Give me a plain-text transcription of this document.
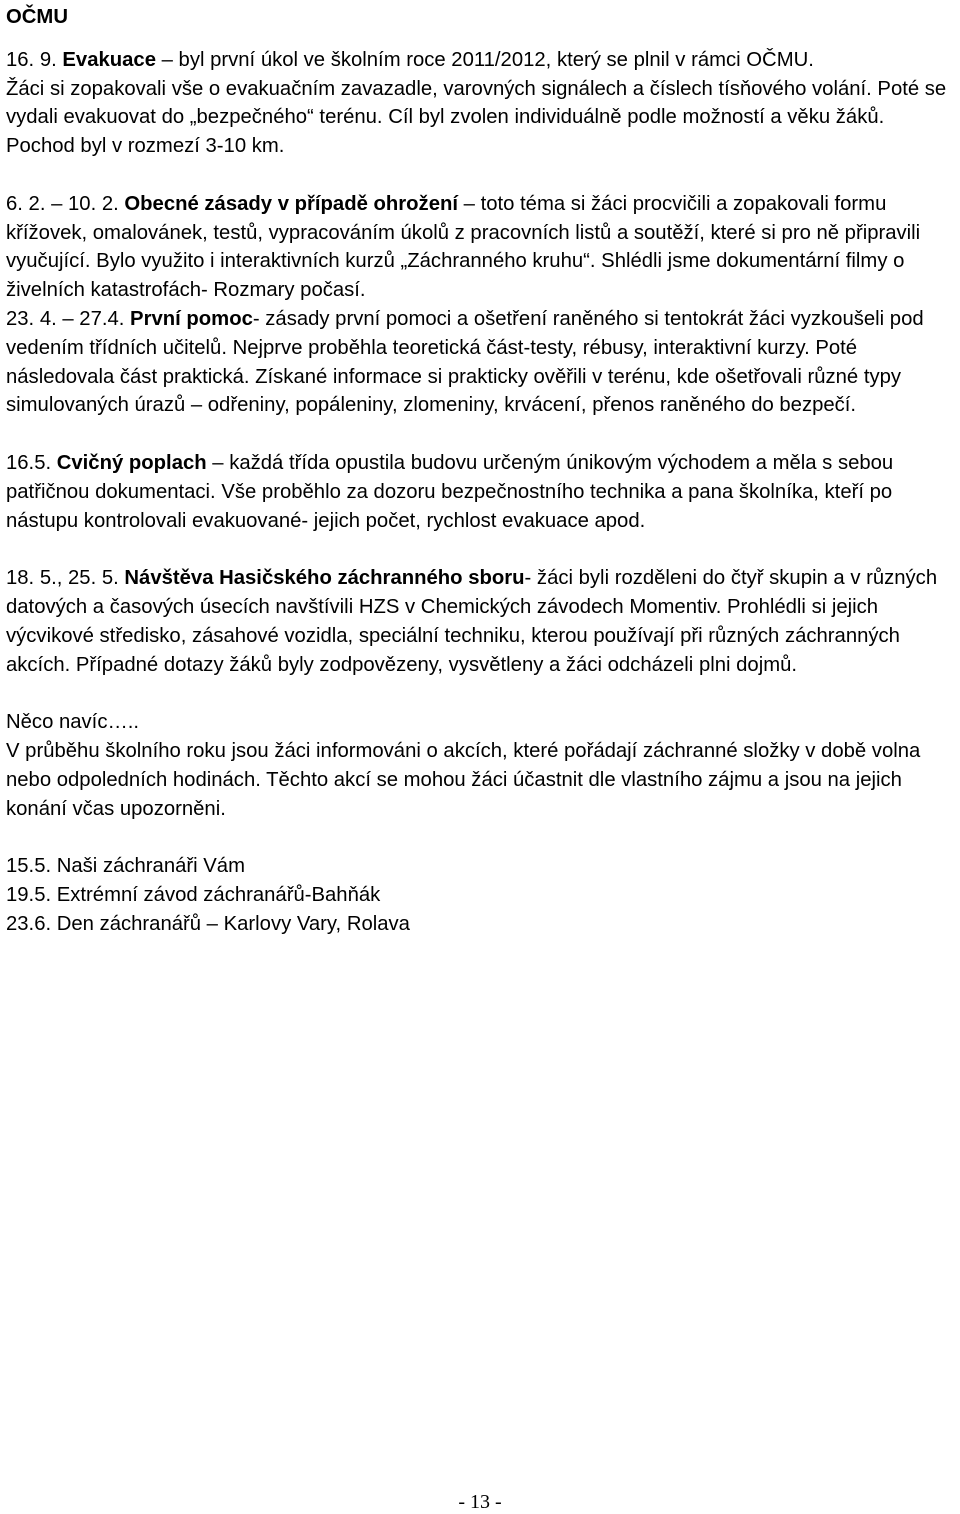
OČMU

16. 9. Evakuace – byl první úkol ve školním roce 2011/2012, který se plnil v rámci OČMU.

Žáci si zopakovali vše o evakuačním zavazadle, varovných signálech a číslech tísňového volání. Poté se vydali evakuovat do „bezpečného“ terénu. Cíl byl zvolen individuálně podle možností a věku žáků. Pochod byl v rozmezí 3-10 km.

6. 2. – 10. 2. Obecné zásady v případě ohrožení – toto téma si žáci procvičili a zopakovali formu křížovek, omalovánek, testů, vypracováním úkolů z pracovních listů a soutěží, které si pro ně připravili vyučující. Bylo využito i interaktivních kurzů „Záchranného kruhu“. Shlédli jsme dokumentární filmy o živelních katastrofách- Rozmary počasí.

23. 4. – 27.4. První pomoc- zásady první pomoci a ošetření raněného si tentokrát žáci vyzkoušeli pod vedením třídních učitelů. Nejprve proběhla teoretická část-testy, rébusy, interaktivní kurzy. Poté následovala část praktická. Získané informace si prakticky ověřili v terénu, kde ošetřovali různé typy simulovaných úrazů – odřeniny, popáleniny, zlomeniny, krvácení, přenos raněného do bezpečí.

16.5. Cvičný poplach – každá třída opustila budovu určeným únikovým východem a měla s sebou patřičnou dokumentaci. Vše proběhlo za dozoru bezpečnostního technika a pana školníka, kteří po nástupu kontrolovali evakuované- jejich počet, rychlost evakuace apod.

18. 5., 25. 5. Návštěva Hasičského záchranného sboru- žáci byli rozděleni do čtyř skupin a v různých datových a časových úsecích navštívili HZS v Chemických závodech Momentiv. Prohlédli si jejich výcvikové středisko, zásahové vozidla, speciální techniku, kterou používají při různých záchranných akcích. Případné dotazy žáků byly zodpovězeny, vysvětleny a žáci odcházeli plni dojmů.

Něco navíc…..

V průběhu školního roku jsou žáci informováni o akcích, které pořádají záchranné složky v době volna nebo odpoledních hodinách. Těchto akcí se mohou žáci účastnit dle vlastního zájmu a jsou na jejich konání včas upozorněni.

15.5. Naši záchranáři Vám

19.5. Extrémní závod záchranářů-Bahňák

23.6. Den záchranářů – Karlovy Vary, Rolava

- 13 -
